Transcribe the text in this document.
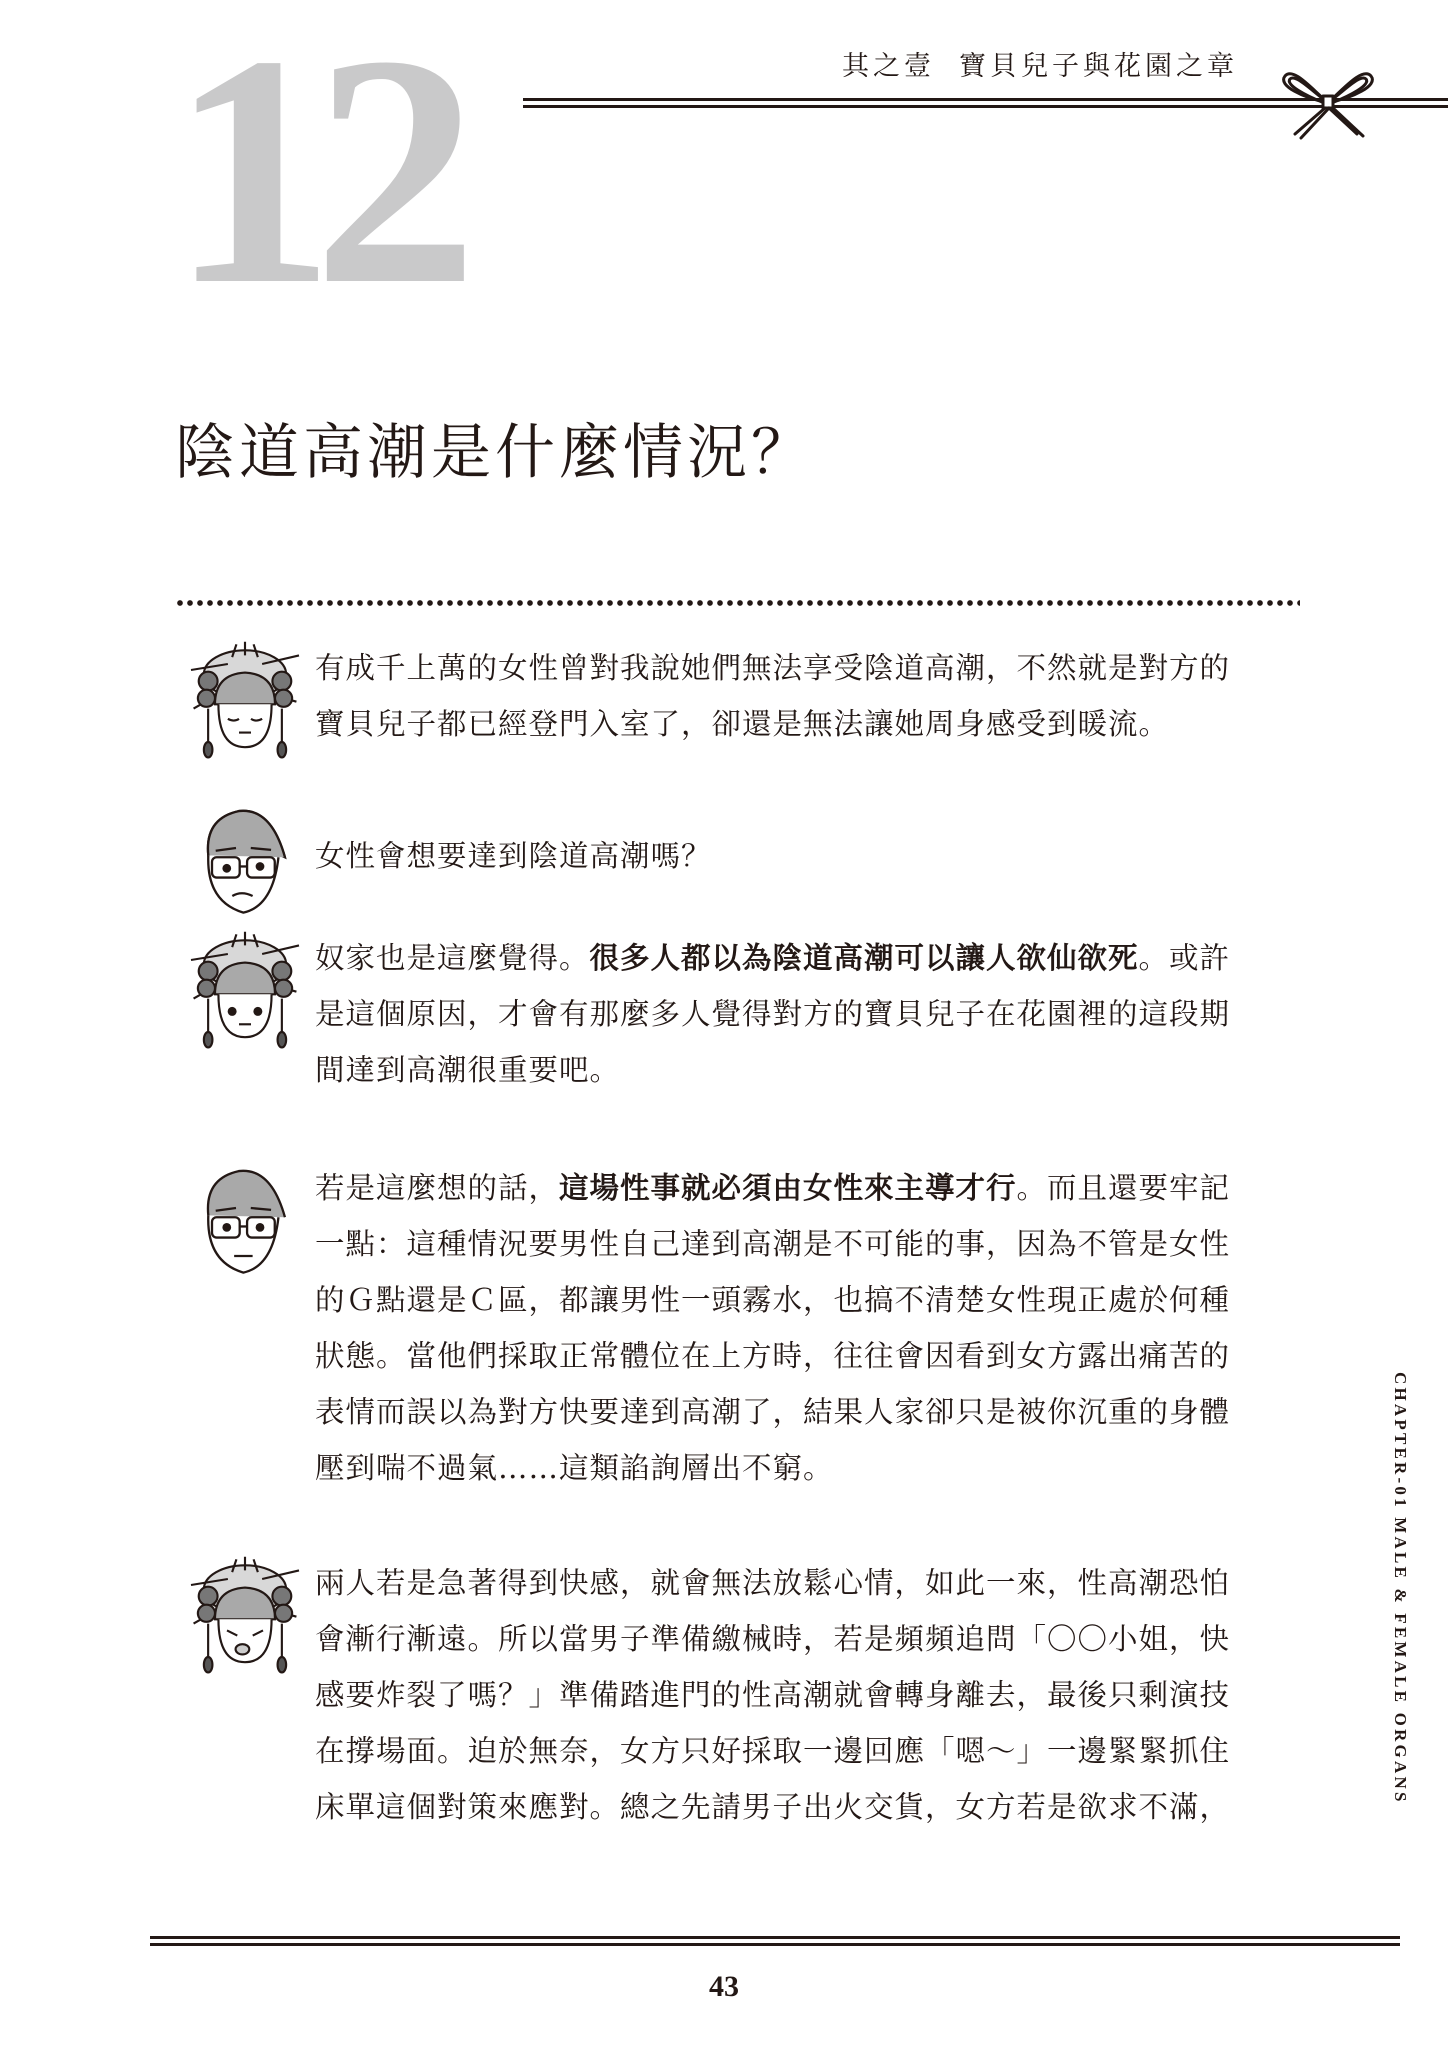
12	其之壹 寶貝兒子與花園之章
陰道高潮是什麼情況？

有成千上萬的女性曾對我說她們無法享受陰道高潮，不然就是對方的

寶貝兒子都已經登門入室了，卻還是無法讓她周身感受到暖流。

女性會想要達到陰道高潮嗎？

奴家也是這麼覺得。很多人都以為陰道高潮可以讓人欲仙欲死。或許

是這個原因，才會有那麼多人覺得對方的寶貝兒子在花園裡的這段期

間達到高潮很重要吧。

若是這麼想的話，這場性事就必須由女性來主導才行。而且還要牢記

一點：這種情況要男性自己達到高潮是不可能的事，因為不管是女性

的Ｇ點還是Ｃ區，都讓男性一頭霧水，也搞不清楚女性現正處於何種

狀態。當他們採取正常體位在上方時，往往會因看到女方露出痛苦的

表情而誤以為對方快要達到高潮了，結果人家卻只是被你沉重的身體

壓到喘不過氣……這類諂詢層出不窮。

兩人若是急著得到快感，就會無法放鬆心情，如此一來，性高潮恐怕

會漸行漸遠。所以當男子準備繳械時，若是頻頻追問「〇〇小姐，快

感要炸裂了嗎？」準備踏進門的性高潮就會轉身離去，最後只剩演技

在撐場面。迫於無奈，女方只好採取一邊回應「嗯～」一邊緊緊抓住

床單這個對策來應對。總之先請男子出火交貨，女方若是欲求不滿，

CHAPTER-01 MALE & FEMALE ORGANS
43
